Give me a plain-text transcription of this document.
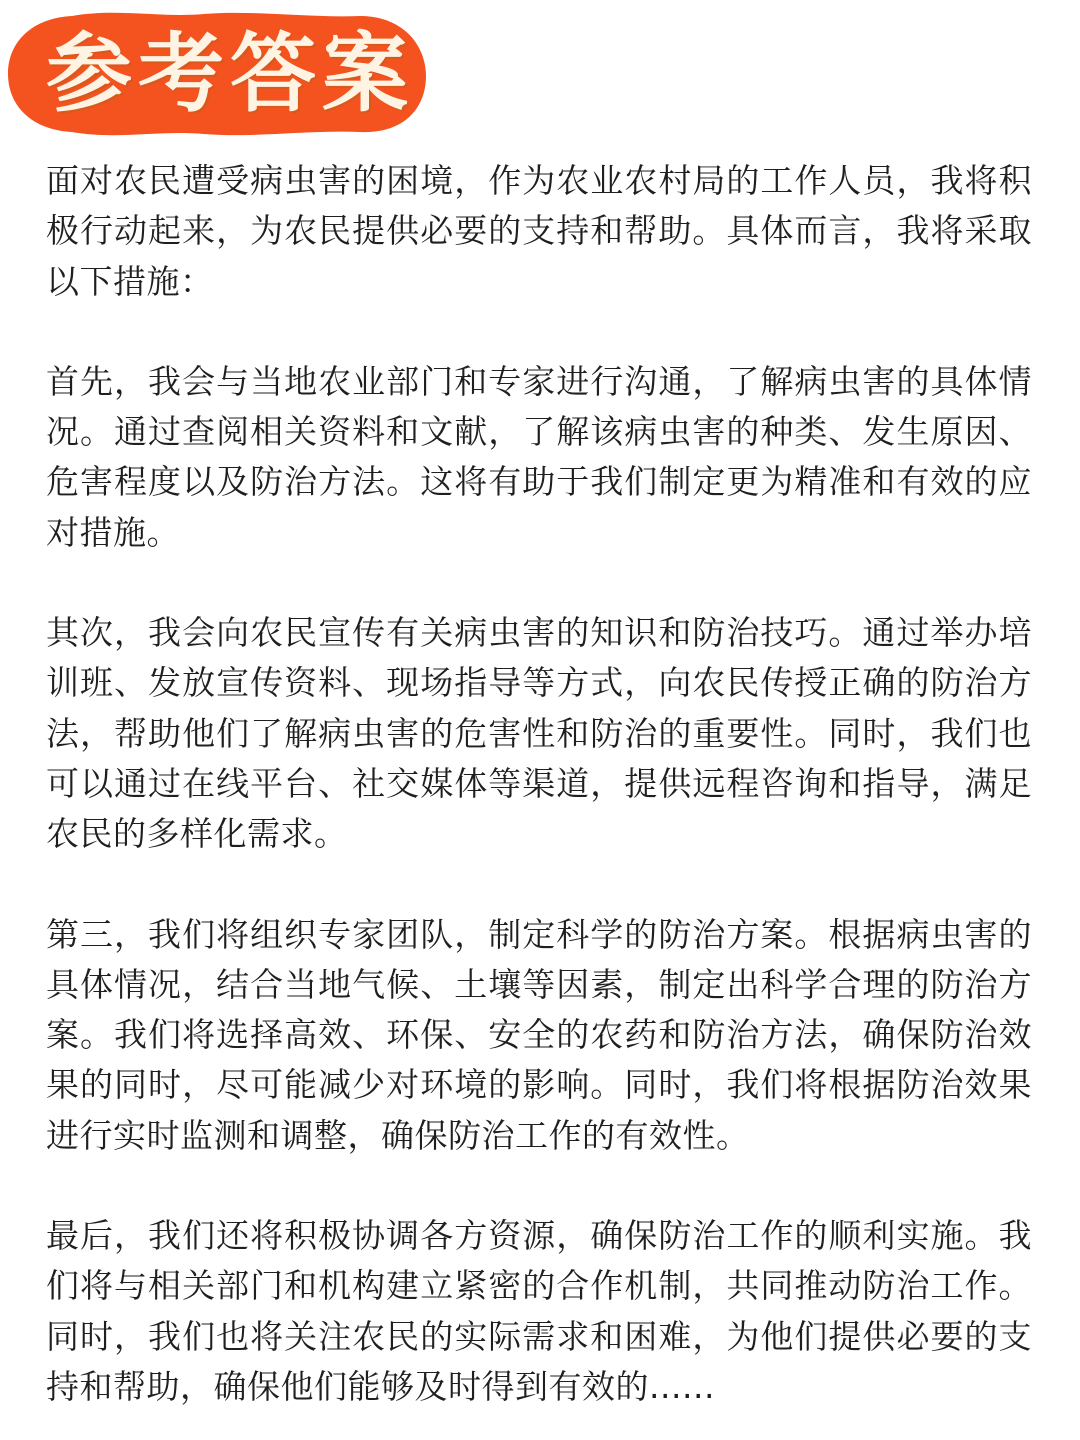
参考答案

面对农民遭受病虫害的困境，作为农业农村局的工作人员，我将积极行动起来，为农民提供必要的支持和帮助。具体而言，我将采取以下措施：

首先，我会与当地农业部门和专家进行沟通，了解病虫害的具体情况。通过查阅相关资料和文献，了解该病虫害的种类、发生原因、危害程度以及防治方法。这将有助于我们制定更为精准和有效的应对措施。

其次，我会向农民宣传有关病虫害的知识和防治技巧。通过举办培训班、发放宣传资料、现场指导等方式，向农民传授正确的防治方法，帮助他们了解病虫害的危害性和防治的重要性。同时，我们也可以通过在线平台、社交媒体等渠道，提供远程咨询和指导，满足农民的多样化需求。

第三，我们将组织专家团队，制定科学的防治方案。根据病虫害的具体情况，结合当地气候、土壤等因素，制定出科学合理的防治方案。我们将选择高效、环保、安全的农药和防治方法，确保防治效果的同时，尽可能减少对环境的影响。同时，我们将根据防治效果进行实时监测和调整，确保防治工作的有效性。

最后，我们还将积极协调各方资源，确保防治工作的顺利实施。我们将与相关部门和机构建立紧密的合作机制，共同推动防治工作。同时，我们也将关注农民的实际需求和困难，为他们提供必要的支持和帮助，确保他们能够及时得到有效的......
